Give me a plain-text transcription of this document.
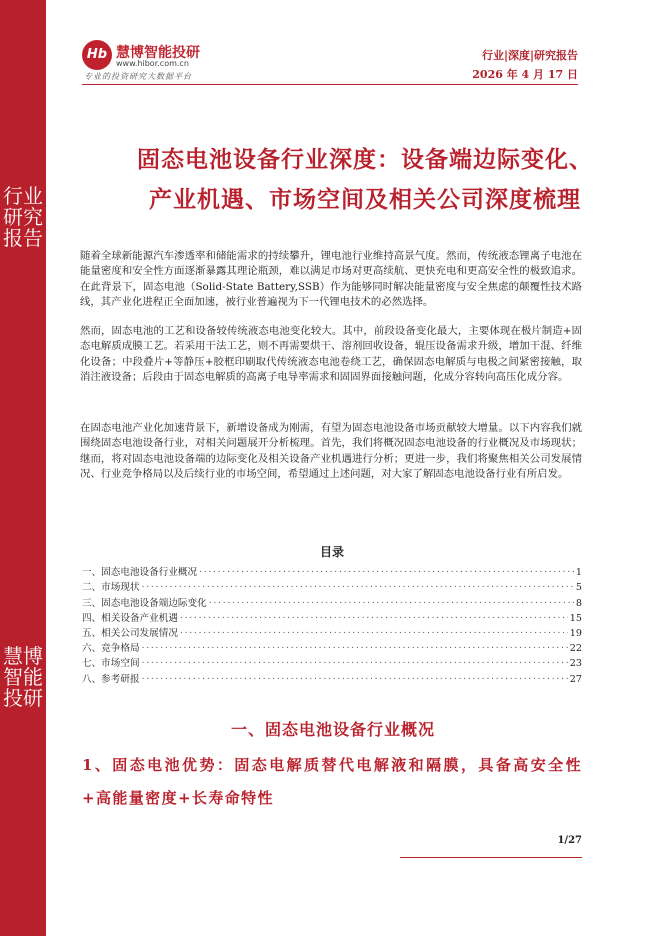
行业研究报告
慧博智能投研
Hb 慧博智能投研
www.hibor.com.cn
专业的投资研究大数据平台
行业|深度|研究报告
2026 年 4 月 17 日
固态电池设备行业深度：设备端边际变化、
产业机遇、市场空间及相关公司深度梳理
随着全球新能源汽车渗透率和储能需求的持续攀升，锂电池行业维持高景气度。然而，传统液态锂离子电池在能量密度和安全性方面逐渐暴露其理论瓶颈，难以满足市场对更高续航、更快充电和更高安全性的极致追求。在此背景下，固态电池（Solid-State Battery,SSB）作为能够同时解决能量密度与安全焦虑的颠覆性技术路线，其产业化进程正全面加速，被行业普遍视为下一代锂电技术的必然选择。
然而，固态电池的工艺和设备较传统液态电池变化较大。其中，前段设备变化最大，主要体现在极片制造+固态电解质成膜工艺。若采用干法工艺，则不再需要烘干、溶剂回收设备，辊压设备需求升级，增加干混、纤维化设备；中段叠片+等静压+胶框印刷取代传统液态电池卷绕工艺，确保固态电解质与电极之间紧密接触，取消注液设备；后段由于固态电解质的高离子电导率需求和固固界面接触问题，化成分容转向高压化成分容。
在固态电池产业化加速背景下，新增设备成为刚需，有望为固态电池设备市场贡献较大增量。以下内容我们就围绕固态电池设备行业，对相关问题展开分析梳理。首先，我们将概况固态电池设备的行业概况及市场现状；继而，将对固态电池设备端的边际变化及相关设备产业机遇进行分析；更进一步，我们将聚焦相关公司发展情况、行业竞争格局以及后续行业的市场空间，希望通过上述问题，对大家了解固态电池设备行业有所启发。
目录
一、固态电池设备行业概况 .....	1
二、市场现状 .....	5
三、固态电池设备端边际变化 .....	8
四、相关设备产业机遇 .....	15
五、相关公司发展情况 .....	19
六、竞争格局 .....	22
七、市场空间 .....	23
八、参考研报 .....	27
一、固态电池设备行业概况
1、固态电池优势：固态电解质替代电解液和隔膜，具备高安全性+高能量密度+长寿命特性
1/27
